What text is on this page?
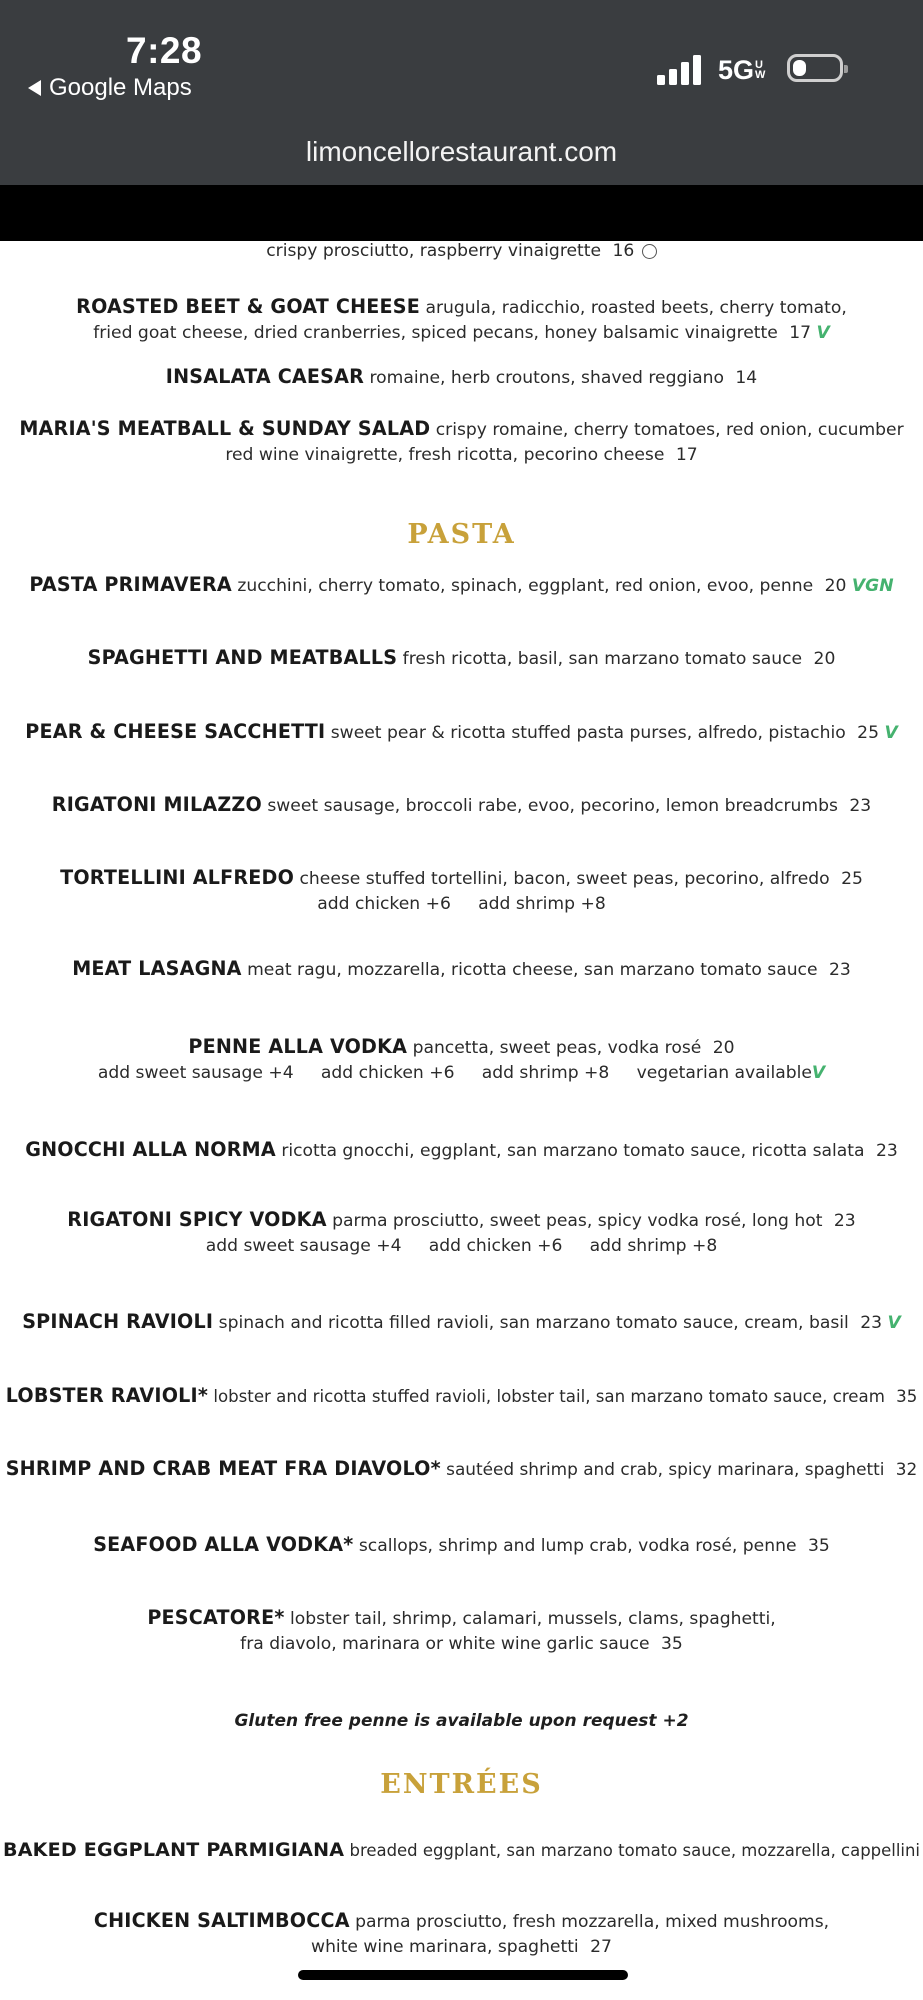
7:28
Google Maps
5G U
W
limoncellorestaurant.com
crispy prosciutto, raspberry vinaigrette 16
ROASTED BEET & GOAT CHEESE arugula, radicchio, roasted beets, cherry tomato,
fried goat cheese, dried cranberries, spiced pecans, honey balsamic vinaigrette 17 V
INSALATA CAESAR romaine, herb croutons, shaved reggiano 14
MARIA'S MEATBALL & SUNDAY SALAD crispy romaine, cherry tomatoes, red onion, cucumber
red wine vinaigrette, fresh ricotta, pecorino cheese 17
PASTA
PASTA PRIMAVERA zucchini, cherry tomato, spinach, eggplant, red onion, evoo, penne 20 VGN
SPAGHETTI AND MEATBALLS fresh ricotta, basil, san marzano tomato sauce 20
PEAR & CHEESE SACCHETTI sweet pear & ricotta stuffed pasta purses, alfredo, pistachio 25 V
RIGATONI MILAZZO sweet sausage, broccoli rabe, evoo, pecorino, lemon breadcrumbs 23
TORTELLINI ALFREDO cheese stuffed tortellini, bacon, sweet peas, pecorino, alfredo 25
add chicken +6     add shrimp +8
MEAT LASAGNA meat ragu, mozzarella, ricotta cheese, san marzano tomato sauce 23
PENNE ALLA VODKA pancetta, sweet peas, vodka rosé 20
add sweet sausage +4     add chicken +6     add shrimp +8     vegetarian availableV
GNOCCHI ALLA NORMA ricotta gnocchi, eggplant, san marzano tomato sauce, ricotta salata 23
RIGATONI SPICY VODKA parma prosciutto, sweet peas, spicy vodka rosé, long hot 23
add sweet sausage +4     add chicken +6     add shrimp +8
SPINACH RAVIOLI spinach and ricotta filled ravioli, san marzano tomato sauce, cream, basil 23 V
LOBSTER RAVIOLI* lobster and ricotta stuffed ravioli, lobster tail, san marzano tomato sauce, cream 35
SHRIMP AND CRAB MEAT FRA DIAVOLO* sautéed shrimp and crab, spicy marinara, spaghetti 32
SEAFOOD ALLA VODKA* scallops, shrimp and lump crab, vodka rosé, penne 35
PESCATORE* lobster tail, shrimp, calamari, mussels, clams, spaghetti,
fra diavolo, marinara or white wine garlic sauce 35
Gluten free penne is available upon request +2
ENTRÉES
BAKED EGGPLANT PARMIGIANA breaded eggplant, san marzano tomato sauce, mozzarella, cappellini
CHICKEN SALTIMBOCCA parma prosciutto, fresh mozzarella, mixed mushrooms,
white wine marinara, spaghetti 27
